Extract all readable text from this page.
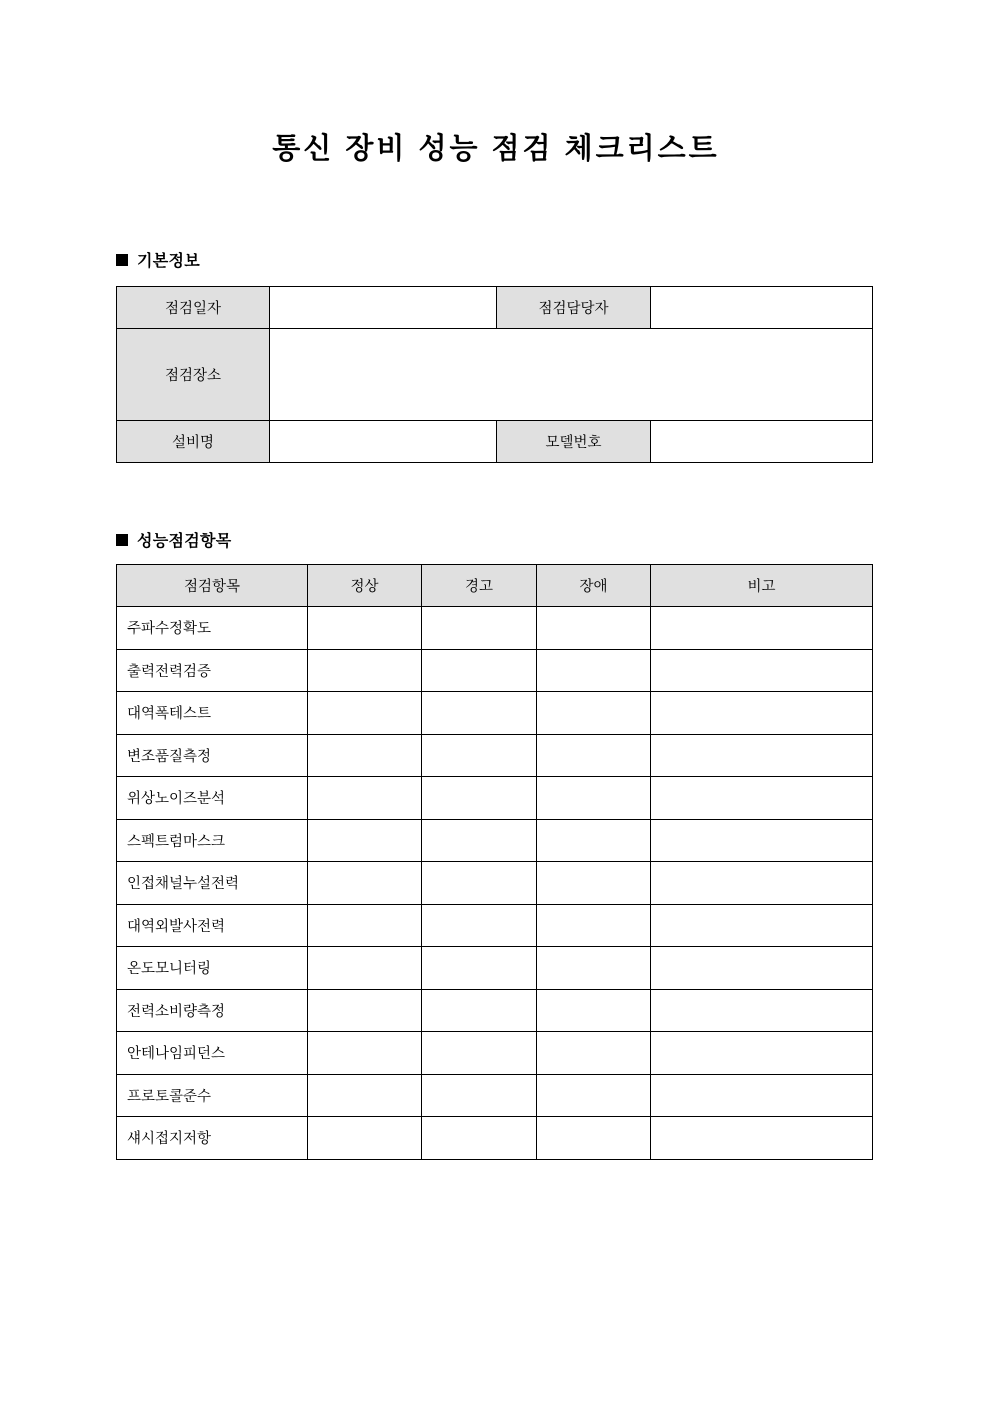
통신 장비 성능 점검 체크리스트
기본정보
점검일자		점검담당자	
점검장소			
설비명		모델번호	
성능점검항목
점검항목	정상	경고	장애	비고
주파수정확도				
출력전력검증				
대역폭테스트				
변조품질측정				
위상노이즈분석				
스펙트럼마스크				
인접채널누설전력				
대역외발사전력				
온도모니터링				
전력소비량측정				
안테나임피던스				
프로토콜준수				
섀시접지저항				
